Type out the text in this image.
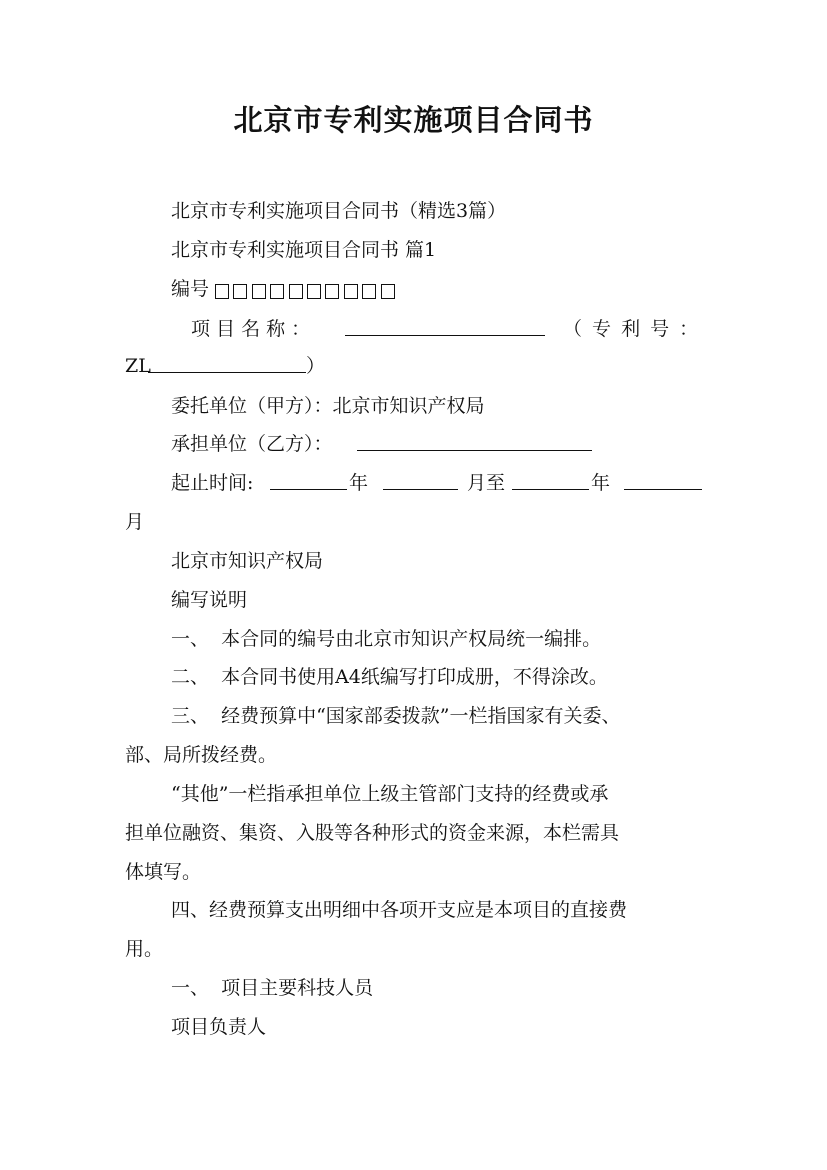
北京市专利实施项目合同书
北京市专利实施项目合同书（精选3篇）
北京市专利实施项目合同书 篇1
编号
项 目 名 称 ：	（ 专 利 号 ：
ZL	）
委托单位（甲方）：北京市知识产权局
承担单位（乙方）：
起止时间:	年	月至	年
月
北京市知识产权局
编写说明
一、  本合同的编号由北京市知识产权局统一编排。
二、  本合同书使用A4纸编写打印成册，不得涂改。
三、  经费预算中“国家部委拨款”一栏指国家有关委、
部、局所拨经费。
“其他”一栏指承担单位上级主管部门支持的经费或承
担单位融资、集资、入股等各种形式的资金来源，本栏需具
体填写。
四、经费预算支出明细中各项开支应是本项目的直接费
用。
一、  项目主要科技人员
项目负责人
